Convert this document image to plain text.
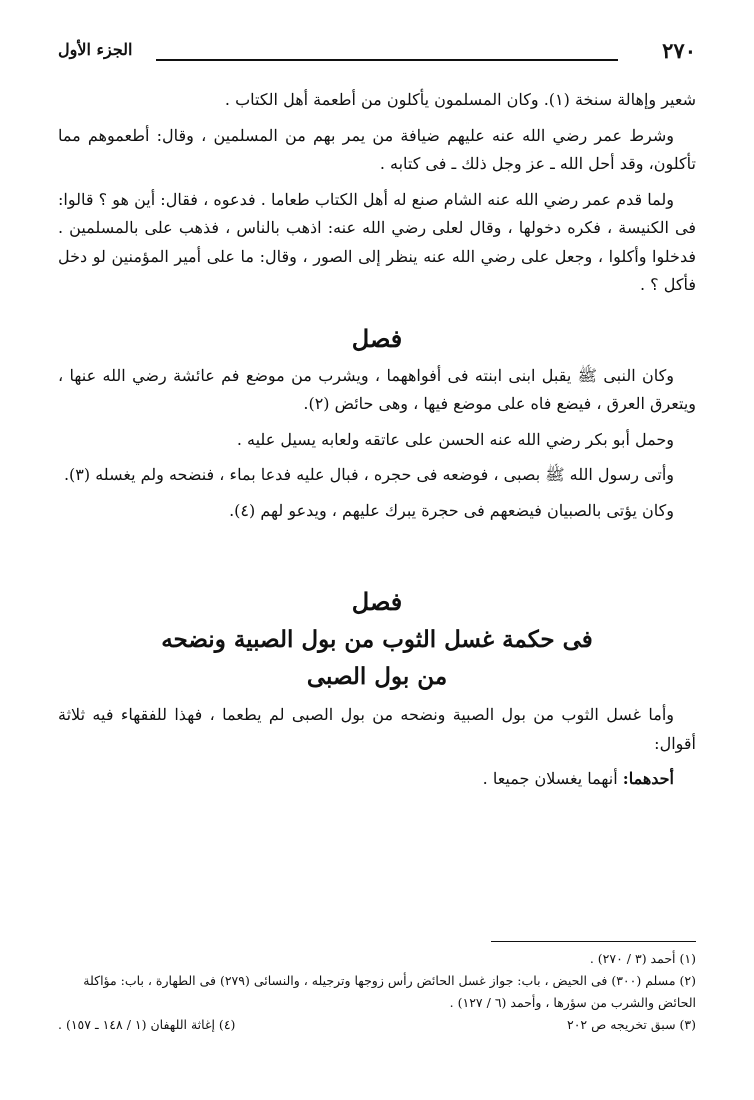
٢٧٠
الجزء الأول

شعير وإهالة سنخة (١). وكان المسلمون يأكلون من أطعمة أهل الكتاب .

وشرط عمر رضي الله عنه عليهم ضيافة من يمر بهم من المسلمين ، وقال: أطعموهم مما تأكلون، وقد أحل الله ـ عز وجل ذلك ـ فى كتابه .

ولما قدم عمر رضي الله عنه الشام صنع له أهل الكتاب طعاما . فدعوه ، فقال: أين هو ؟ قالوا: فى الكنيسة ، فكره دخولها ، وقال لعلى رضي الله عنه: اذهب بالناس ، فذهب على بالمسلمين . فدخلوا وأكلوا ، وجعل على رضي الله عنه ينظر إلى الصور ، وقال: ما على أمير المؤمنين لو دخل فأكل ؟ .

فصل

وكان النبى ﷺ يقبل ابنى ابنته فى أفواههما ، ويشرب من موضع فم عائشة رضي الله عنها ، ويتعرق العرق ، فيضع فاه على موضع فيها ، وهى حائض (٢).

وحمل أبو بكر رضي الله عنه الحسن على عاتقه ولعابه يسيل عليه .

وأتى رسول الله ﷺ بصبى ، فوضعه فى حجره ، فبال عليه فدعا بماء ، فنضحه ولم يغسله (٣).

وكان يؤتى بالصبيان فيضعهم فى حجرة يبرك عليهم ، ويدعو لهم (٤).

فصل
فى حكمة غسل الثوب من بول الصبية ونضحه من بول الصبى

وأما غسل الثوب من بول الصبية ونضحه من بول الصبى لم يطعما ، فهذا للفقهاء فيه ثلاثة أقوال:

أحدهما: أنهما يغسلان جميعا .

(١) أحمد (٣ / ٢٧٠) .

(٢) مسلم (٣٠٠) فى الحيض ، باب: جواز غسل الحائض رأس زوجها وترجيله ، والنسائى (٢٧٩) فى الطهارة ، باب: مؤاكلة الحائض والشرب من سؤرها ، وأحمد (٦ / ١٢٧) .

(٣) سبق تخريجه ص ٢٠٢
(٤) إغاثة اللهفان (١ / ١٤٨ ـ ١٥٧) .
